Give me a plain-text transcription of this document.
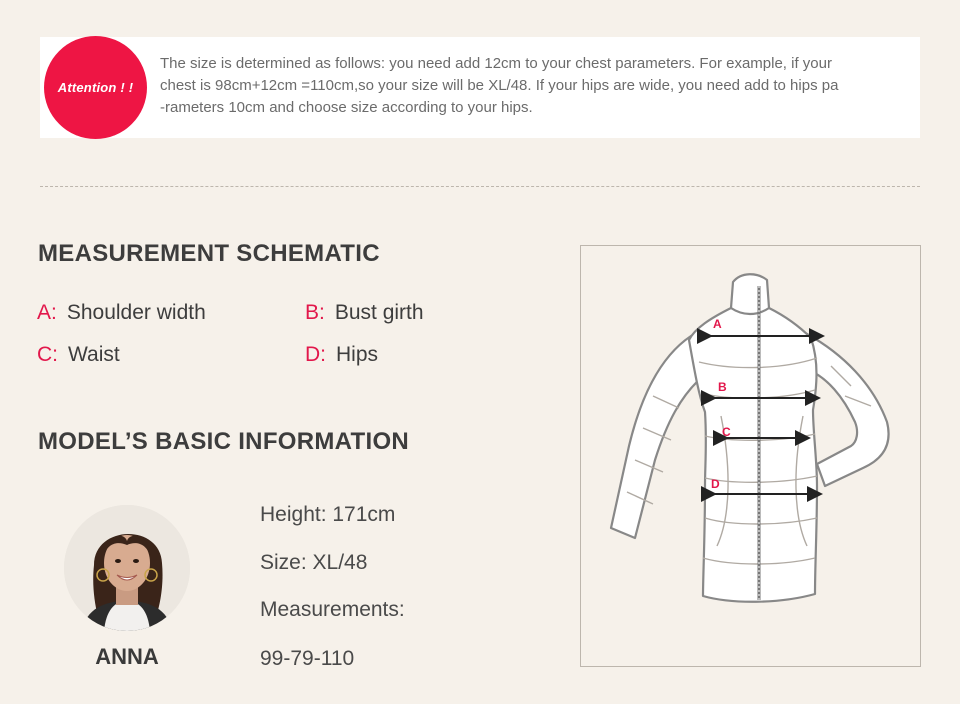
Attention ! !
The size is determined as follows: you need add 12cm to your chest parameters. For example, if your
chest is 98cm+12cm =110cm,so your size will be XL/48. If your hips are wide, you need add to hips pa
-rameters 10cm and choose size according to your hips.
MEASUREMENT SCHEMATIC
A: Shoulder width	B: Bust girth
C: Waist	D: Hips
MODEL’S BASIC INFORMATION
ANNA
Height: 171cm
Size: XL/48
Measurements:
99-79-110
A
B
C
D
